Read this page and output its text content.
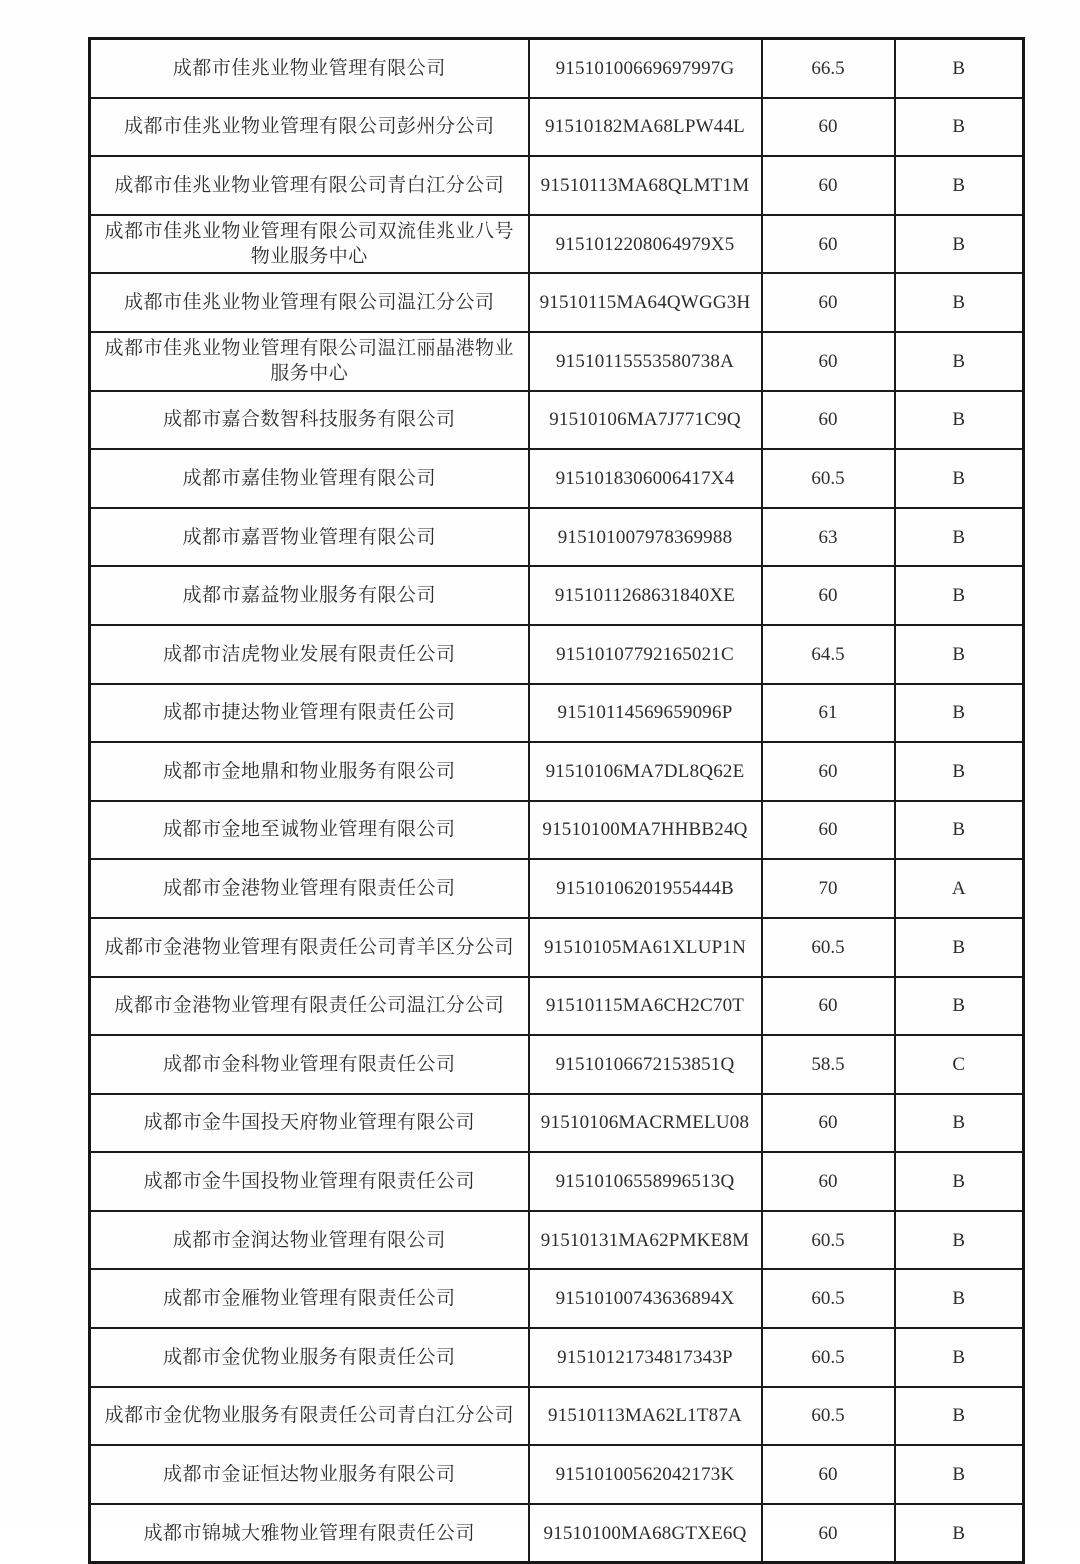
成都市佳兆业物业管理有限公司	91510100669697997G	66.5	B
成都市佳兆业物业管理有限公司彭州分公司	91510182MA68LPW44L	60	B
成都市佳兆业物业管理有限公司青白江分公司	91510113MA68QLMT1M	60	B
成都市佳兆业物业管理有限公司双流佳兆业八号物业服务中心	9151012208064979X5	60	B
成都市佳兆业物业管理有限公司温江分公司	91510115MA64QWGG3H	60	B
成都市佳兆业物业管理有限公司温江丽晶港物业服务中心	91510115553580738A	60	B
成都市嘉合数智科技服务有限公司	91510106MA7J771C9Q	60	B
成都市嘉佳物业管理有限公司	9151018306006417X4	60.5	B
成都市嘉晋物业管理有限公司	915101007978369988	63	B
成都市嘉益物业服务有限公司	9151011268631840XE	60	B
成都市洁虎物业发展有限责任公司	91510107792165021C	64.5	B
成都市捷达物业管理有限责任公司	91510114569659096P	61	B
成都市金地鼎和物业服务有限公司	91510106MA7DL8Q62E	60	B
成都市金地至诚物业管理有限公司	91510100MA7HHBB24Q	60	B
成都市金港物业管理有限责任公司	91510106201955444B	70	A
成都市金港物业管理有限责任公司青羊区分公司	91510105MA61XLUP1N	60.5	B
成都市金港物业管理有限责任公司温江分公司	91510115MA6CH2C70T	60	B
成都市金科物业管理有限责任公司	91510106672153851Q	58.5	C
成都市金牛国投天府物业管理有限公司	91510106MACRMELU08	60	B
成都市金牛国投物业管理有限责任公司	91510106558996513Q	60	B
成都市金润达物业管理有限公司	91510131MA62PMKE8M	60.5	B
成都市金雁物业管理有限责任公司	91510100743636894X	60.5	B
成都市金优物业服务有限责任公司	91510121734817343P	60.5	B
成都市金优物业服务有限责任公司青白江分公司	91510113MA62L1T87A	60.5	B
成都市金证恒达物业服务有限公司	91510100562042173K	60	B
成都市锦城大雅物业管理有限责任公司	91510100MA68GTXE6Q	60	B
